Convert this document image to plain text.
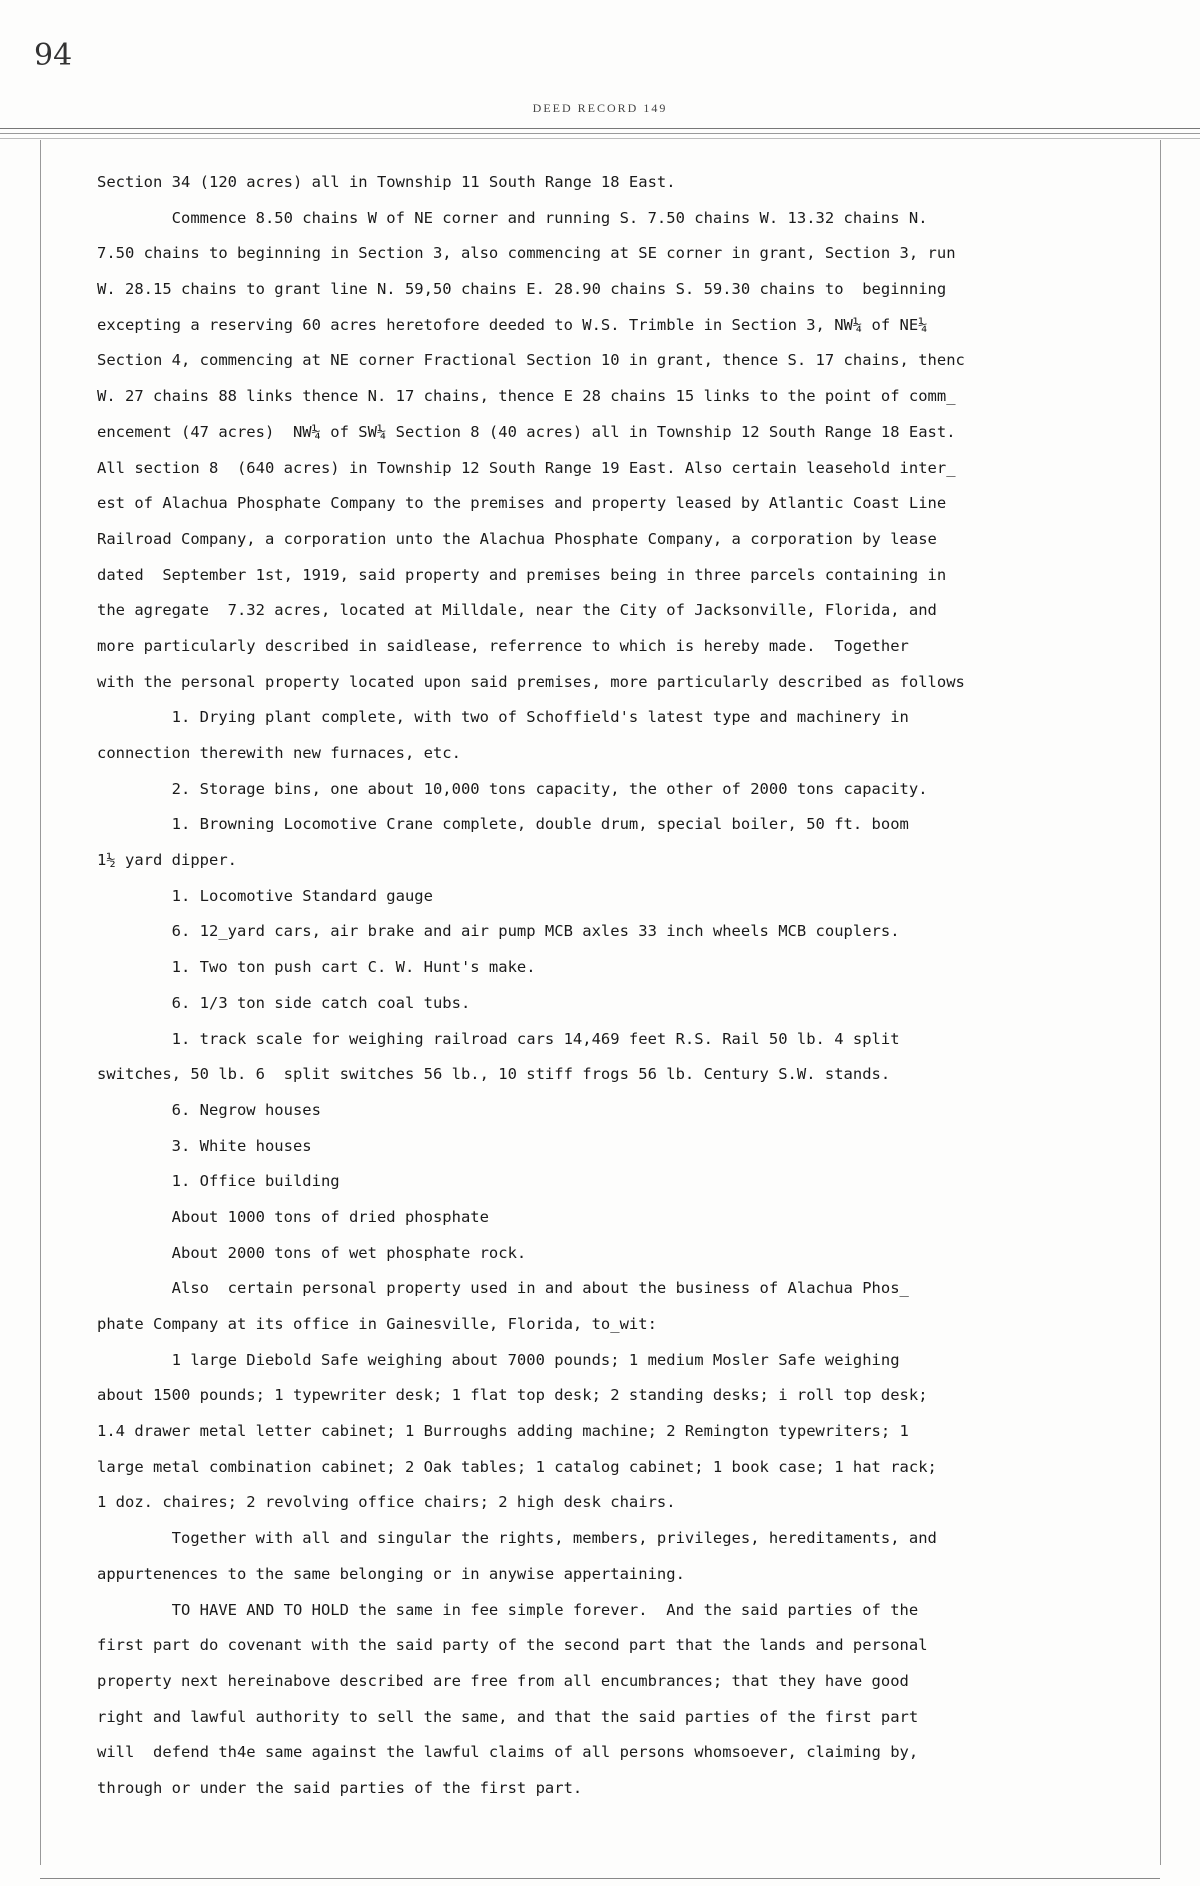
94
DEED RECORD 149
Section 34 (120 acres) all in Township 11 South Range 18 East.
Commence 8.50 chains W of NE corner and running S. 7.50 chains W. 13.32 chains N.
7.50 chains to beginning in Section 3, also commencing at SE corner in grant, Section 3, run
W. 28.15 chains to grant line N. 59,50 chains E. 28.90 chains S. 59.30 chains to  beginning
excepting a reserving 60 acres heretofore deeded to W.S. Trimble in Section 3, NW¼ of NE¼
Section 4, commencing at NE corner Fractional Section 10 in grant, thence S. 17 chains, thenc
W. 27 chains 88 links thence N. 17 chains, thence E 28 chains 15 links to the point of comm_
encement (47 acres)  NW¼ of SW¼ Section 8 (40 acres) all in Township 12 South Range 18 East.
All section 8  (640 acres) in Township 12 South Range 19 East. Also certain leasehold inter_
est of Alachua Phosphate Company to the premises and property leased by Atlantic Coast Line
Railroad Company, a corporation unto the Alachua Phosphate Company, a corporation by lease
dated  September 1st, 1919, said property and premises being in three parcels containing in
the agregate  7.32 acres, located at Milldale, near the City of Jacksonville, Florida, and
more particularly described in saidlease, referrence to which is hereby made.  Together
with the personal property located upon said premises, more particularly described as follows
1. Drying plant complete, with two of Schoffield's latest type and machinery in
connection therewith new furnaces, etc.
2. Storage bins, one about 10,000 tons capacity, the other of 2000 tons capacity.
1. Browning Locomotive Crane complete, double drum, special boiler, 50 ft. boom
1½ yard dipper.
1. Locomotive Standard gauge
6. 12_yard cars, air brake and air pump MCB axles 33 inch wheels MCB couplers.
1. Two ton push cart C. W. Hunt's make.
6. 1/3 ton side catch coal tubs.
1. track scale for weighing railroad cars 14,469 feet R.S. Rail 50 lb. 4 split
switches, 50 lb. 6  split switches 56 lb., 10 stiff frogs 56 lb. Century S.W. stands.
6. Negrow houses
3. White houses
1. Office building
About 1000 tons of dried phosphate
About 2000 tons of wet phosphate rock.
Also  certain personal property used in and about the business of Alachua Phos_
phate Company at its office in Gainesville, Florida, to_wit:
1 large Diebold Safe weighing about 7000 pounds; 1 medium Mosler Safe weighing
about 1500 pounds; 1 typewriter desk; 1 flat top desk; 2 standing desks; i roll top desk;
1.4 drawer metal letter cabinet; 1 Burroughs adding machine; 2 Remington typewriters; 1
large metal combination cabinet; 2 Oak tables; 1 catalog cabinet; 1 book case; 1 hat rack;
1 doz. chaires; 2 revolving office chairs; 2 high desk chairs.
Together with all and singular the rights, members, privileges, hereditaments, and
appurtenences to the same belonging or in anywise appertaining.
TO HAVE AND TO HOLD the same in fee simple forever.  And the said parties of the
first part do covenant with the said party of the second part that the lands and personal
property next hereinabove described are free from all encumbrances; that they have good
right and lawful authority to sell the same, and that the said parties of the first part
will  defend th4e same against the lawful claims of all persons whomsoever, claiming by,
through or under the said parties of the first part.
